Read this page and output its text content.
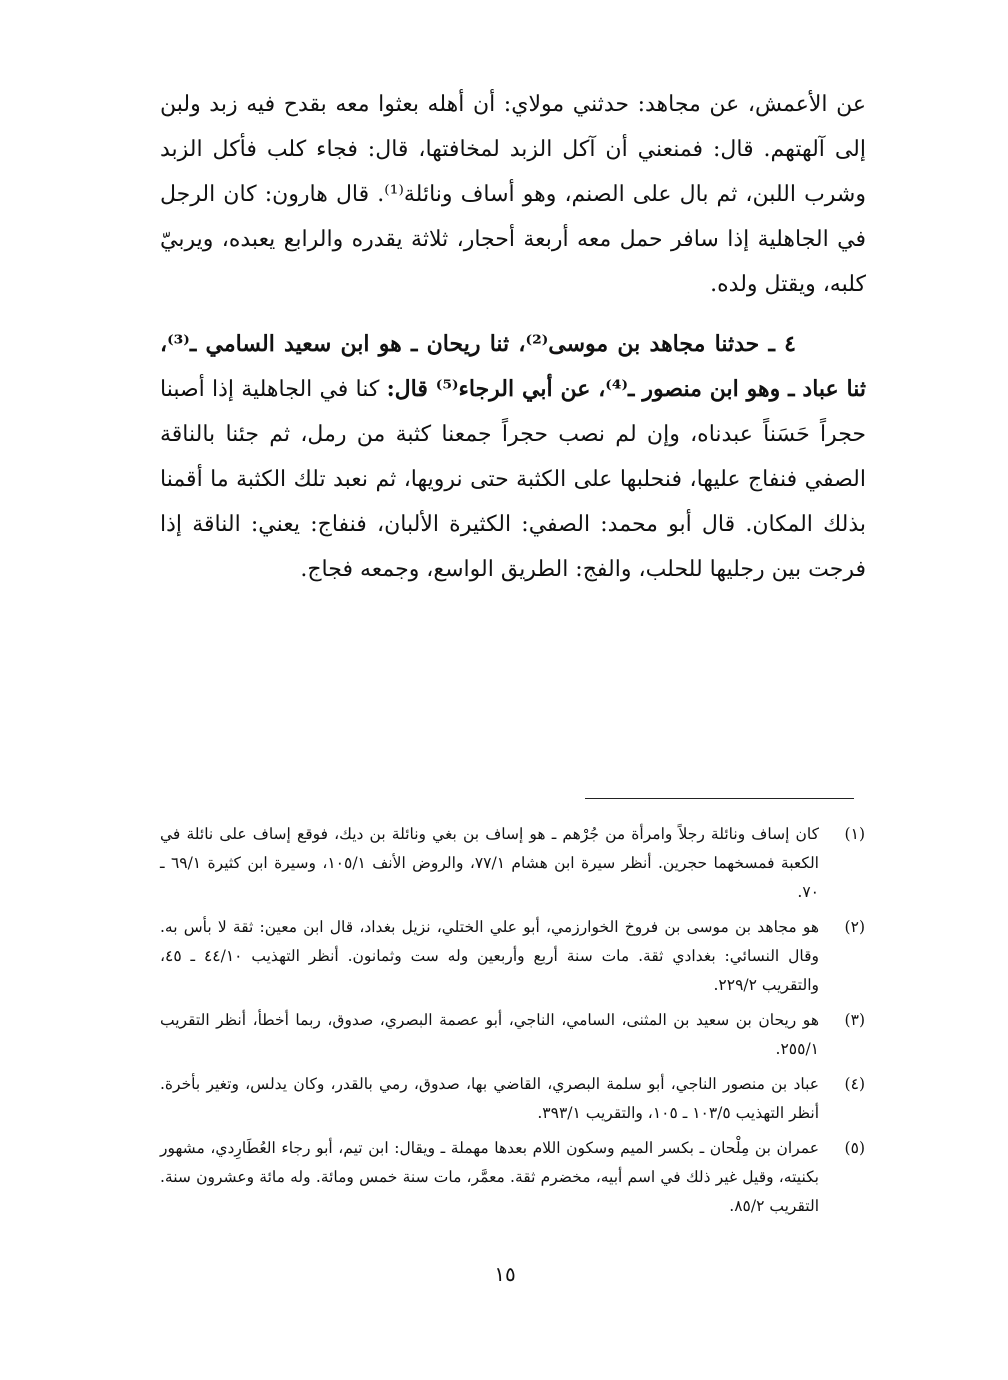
عن الأعمش، عن مجاهد: حدثني مولاي: أن أهله بعثوا معه بقدح فيه زبد ولبن إلى آلهتهم. قال: فمنعني أن آكل الزبد لمخافتها، قال: فجاء كلب فأكل الزبد وشرب اللبن، ثم بال على الصنم، وهو أساف ونائلة⁽¹⁾. قال هارون: كان الرجل في الجاهلية إذا سافر حمل معه أربعة أحجار، ثلاثة يقدره والرابع يعبده، ويربيّ كلبه، ويقتل ولده.

٤ ـ حدثنا مجاهد بن موسى⁽²⁾، ثنا ريحان ـ هو ابن سعيد السامي ـ⁽³⁾، ثنا عباد ـ وهو ابن منصور ـ⁽⁴⁾، عن أبي الرجاء⁽⁵⁾ قال: كنا في الجاهلية إذا أصبنا حجراً حَسَناً عبدناه، وإن لم نصب حجراً جمعنا كثبة من رمل، ثم جئنا بالناقة الصفي فنفاج عليها، فنحلبها على الكثبة حتى نرويها، ثم نعبد تلك الكثبة ما أقمنا بذلك المكان. قال أبو محمد: الصفي: الكثيرة الألبان، فنفاج: يعني: الناقة إذا فرجت بين رجليها للحلب، والفج: الطريق الواسع، وجمعه فجاج.

(١)
كان إساف ونائلة رجلاً وامرأة من جُرْهم ـ هو إساف بن بغي ونائلة بن ديك، فوقع إساف على نائلة في الكعبة فمسخهما حجرين. أنظر سيرة ابن هشام ٧٧/١، والروض الأنف ١٠٥/١، وسيرة ابن كثيرة ٦٩/١ ـ ٧٠.
(٢)
هو مجاهد بن موسى بن فروخ الخوارزمي، أبو علي الختلي، نزيل بغداد، قال ابن معين: ثقة لا بأس به. وقال النسائي: بغدادي ثقة. مات سنة أربع وأربعين وله ست وثمانون. أنظر التهذيب ٤٤/١٠ ـ ٤٥، والتقريب ٢٢٩/٢.
(٣)
هو ريحان بن سعيد بن المثنى، السامي، الناجي، أبو عصمة البصري، صدوق، ربما أخطأ، أنظر التقريب ٢٥٥/١.
(٤)
عباد بن منصور الناجي، أبو سلمة البصري، القاضي بها، صدوق، رمي بالقدر، وكان يدلس، وتغير بأخرة. أنظر التهذيب ١٠٣/٥ ـ ١٠٥، والتقريب ٣٩٣/١.
(٥)
عمران بن مِلْحان ـ بكسر الميم وسكون اللام بعدها مهملة ـ ويقال: ابن تيم، أبو رجاء العُطَارِدي، مشهور بكنيته، وقيل غير ذلك في اسم أبيه، مخضرم ثقة. معمَّر، مات سنة خمس ومائة. وله مائة وعشرون سنة. التقريب ٨٥/٢.
١٥
